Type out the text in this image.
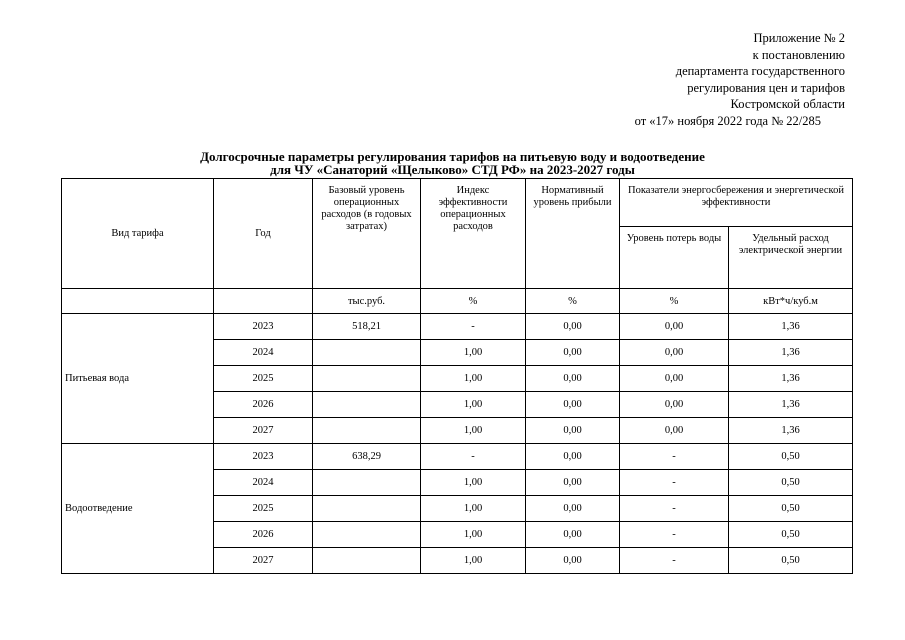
Приложение № 2
к постановлению
департамента государственного
регулирования цен и тарифов
Костромской области
от «17» ноября 2022 года № 22/285
Долгосрочные параметры регулирования тарифов на питьевую воду и водоотведение
для ЧУ «Санаторий «Щелыково» СТД РФ» на 2023-2027 годы
Вид тарифа	Год	Базовый уровень операционных расходов (в годовых затратах)	Индекс эффективности операционных расходов	Нормативный уровень прибыли	Показатели энергосбережения и энергетической эффективности	
					Уровень потерь воды	Удельный расход электрической энергии
		тыс.руб.	%	%	%	кВт*ч/куб.м
Питьевая вода	2023	518,21	-	0,00	0,00	1,36
	2024		1,00	0,00	0,00	1,36
	2025		1,00	0,00	0,00	1,36
	2026		1,00	0,00	0,00	1,36
	2027		1,00	0,00	0,00	1,36
Водоотведение	2023	638,29	-	0,00	-	0,50
	2024		1,00	0,00	-	0,50
	2025		1,00	0,00	-	0,50
	2026		1,00	0,00	-	0,50
	2027		1,00	0,00	-	0,50
